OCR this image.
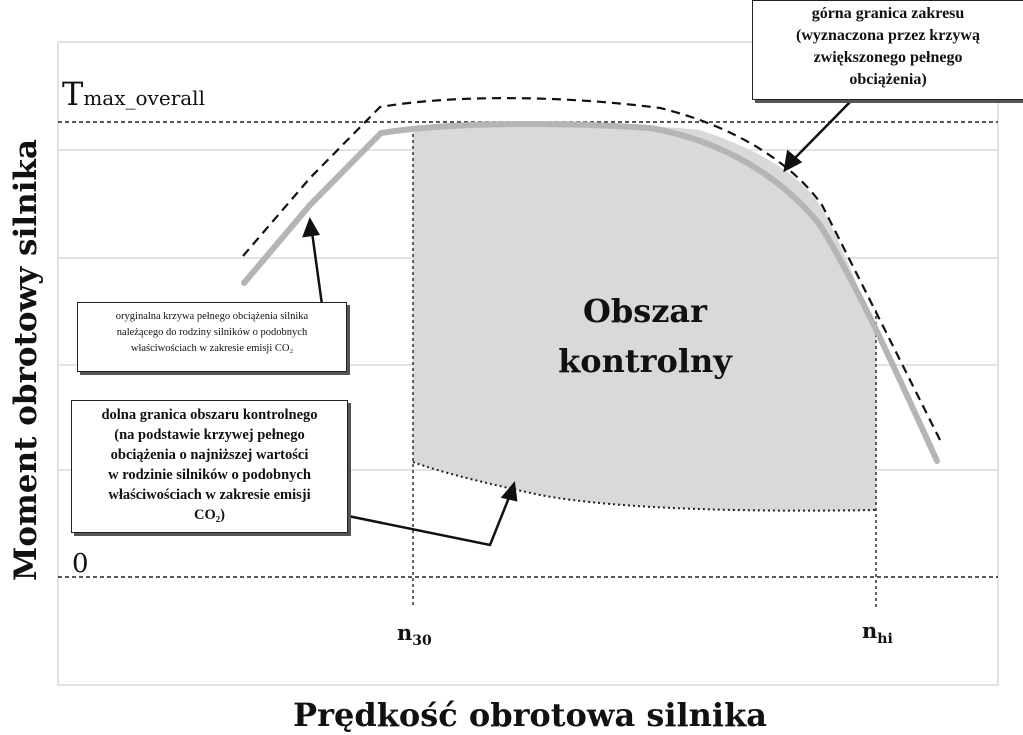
Tmax_overall
0
$n_{30}$	$n_{hi}$
Obszar
kontrolny
Moment obrotowy silnika
Prędkość obrotowa silnika
górna granica zakresu
(wyznaczona przez krzywą
zwiększonego pełnego
obciążenia)
oryginalna krzywa pełnego obciążenia silnika
należącego do rodziny silników o podobnych
właściwościach w zakresie emisji CO₂
dolna granica obszaru kontrolnego
(na podstawie krzywej pełnego
obciążenia o najniższej wartości
w rodzinie silników o podobnych
właściwościach w zakresie emisji
CO₂)
